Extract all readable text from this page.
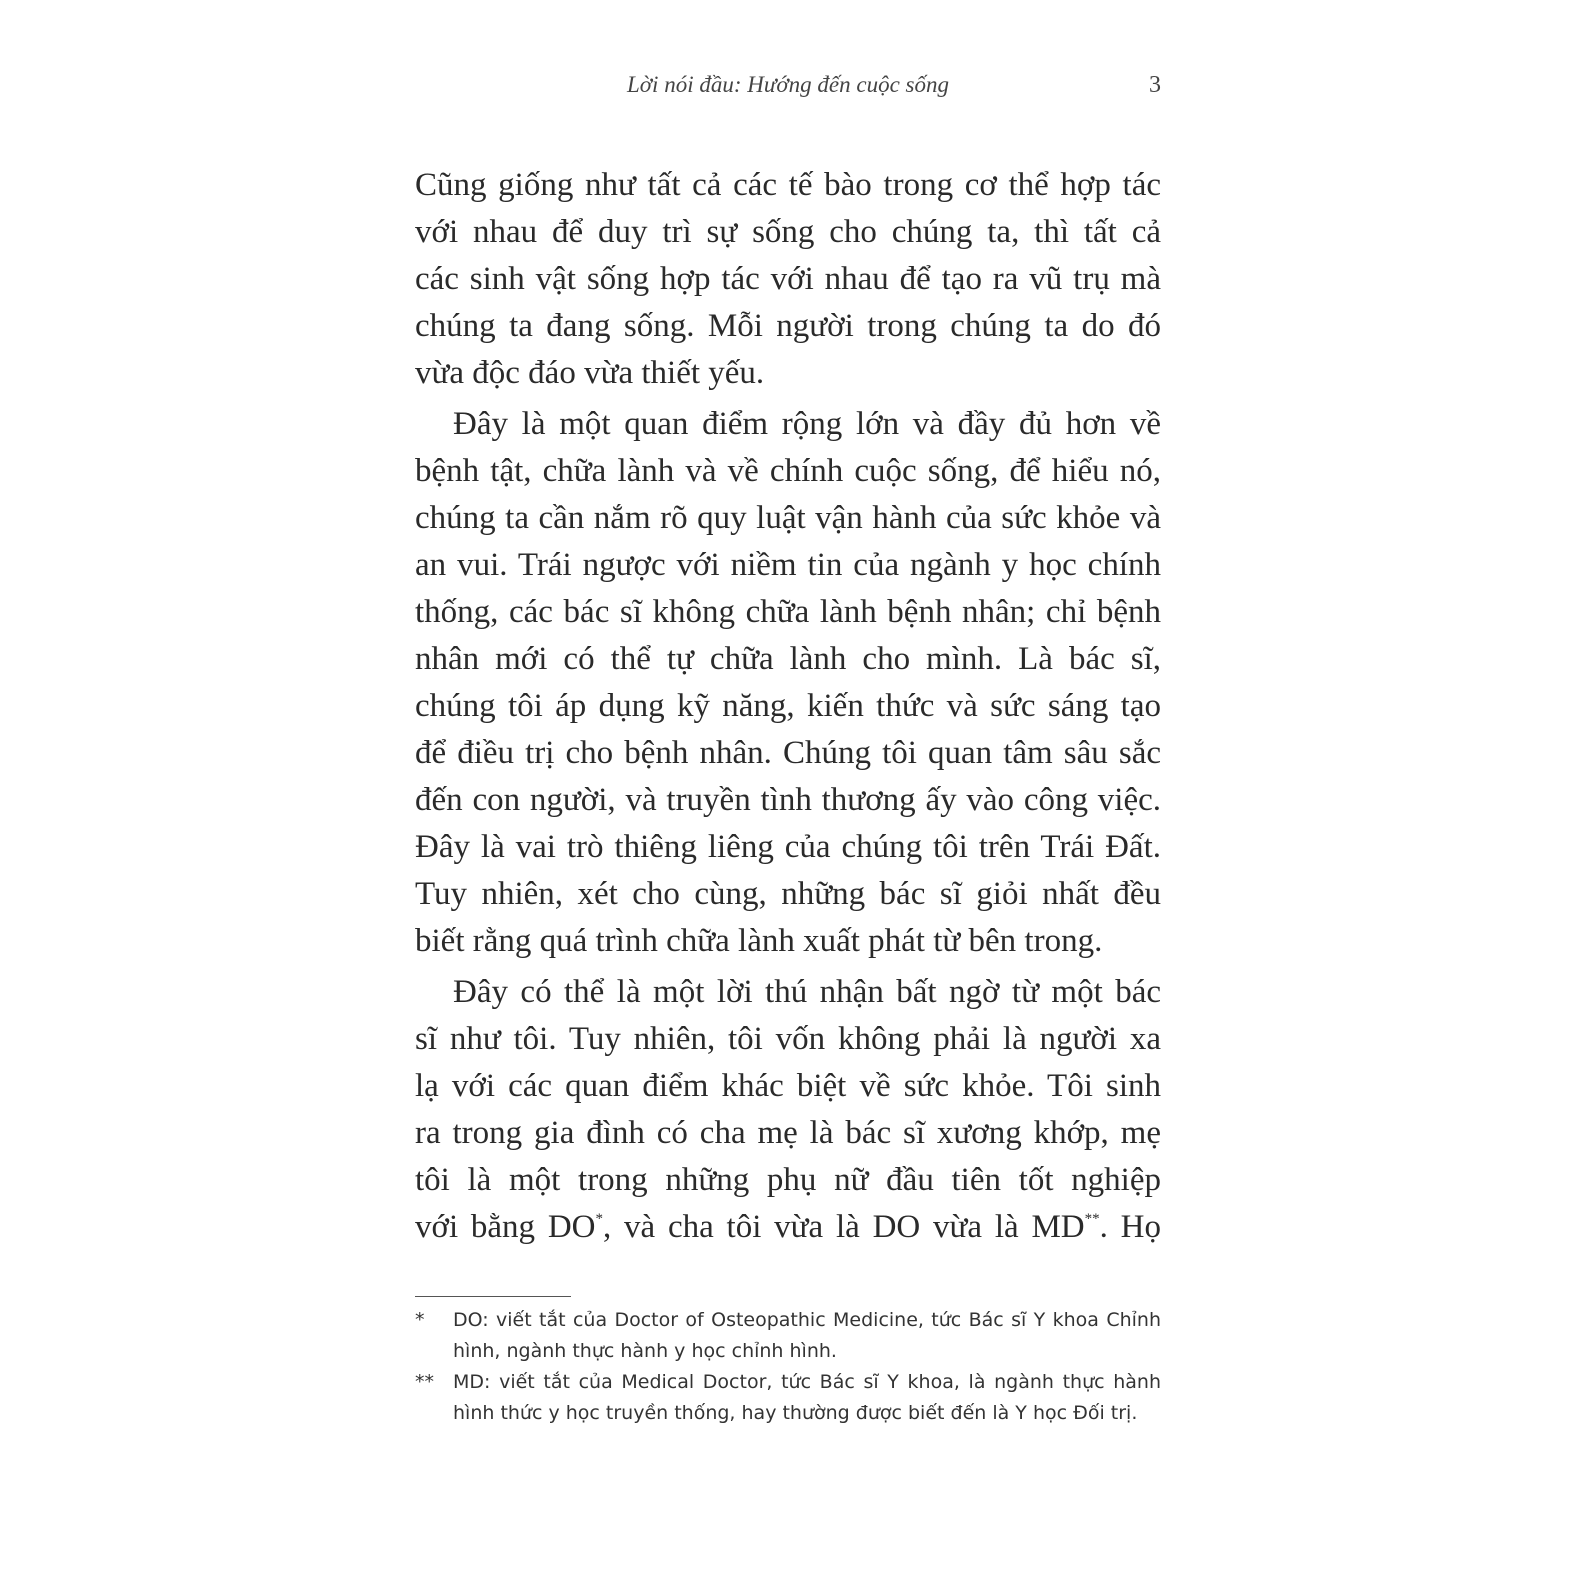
Lời nói đầu: Hướng đến cuộc sống	3

Cũng giống như tất cả các tế bào trong cơ thể hợp tác
với nhau để duy trì sự sống cho chúng ta, thì tất cả
các sinh vật sống hợp tác với nhau để tạo ra vũ trụ mà
chúng ta đang sống. Mỗi người trong chúng ta do đó
vừa độc đáo vừa thiết yếu.

Đây là một quan điểm rộng lớn và đầy đủ hơn về
bệnh tật, chữa lành và về chính cuộc sống, để hiểu nó,
chúng ta cần nắm rõ quy luật vận hành của sức khỏe và
an vui. Trái ngược với niềm tin của ngành y học chính
thống, các bác sĩ không chữa lành bệnh nhân; chỉ bệnh
nhân mới có thể tự chữa lành cho mình. Là bác sĩ,
chúng tôi áp dụng kỹ năng, kiến thức và sức sáng tạo
để điều trị cho bệnh nhân. Chúng tôi quan tâm sâu sắc
đến con người, và truyền tình thương ấy vào công việc.
Đây là vai trò thiêng liêng của chúng tôi trên Trái Đất.
Tuy nhiên, xét cho cùng, những bác sĩ giỏi nhất đều
biết rằng quá trình chữa lành xuất phát từ bên trong.

Đây có thể là một lời thú nhận bất ngờ từ một bác
sĩ như tôi. Tuy nhiên, tôi vốn không phải là người xa
lạ với các quan điểm khác biệt về sức khỏe. Tôi sinh
ra trong gia đình có cha mẹ là bác sĩ xương khớp, mẹ
tôi là một trong những phụ nữ đầu tiên tốt nghiệp
với bằng DO*, và cha tôi vừa là DO vừa là MD**. Họ

* DO: viết tắt của Doctor of Osteopathic Medicine, tức Bác sĩ Y khoa Chỉnh
hình, ngành thực hành y học chỉnh hình.
** MD: viết tắt của Medical Doctor, tức Bác sĩ Y khoa, là ngành thực hành
hình thức y học truyền thống, hay thường được biết đến là Y học Đối trị.
